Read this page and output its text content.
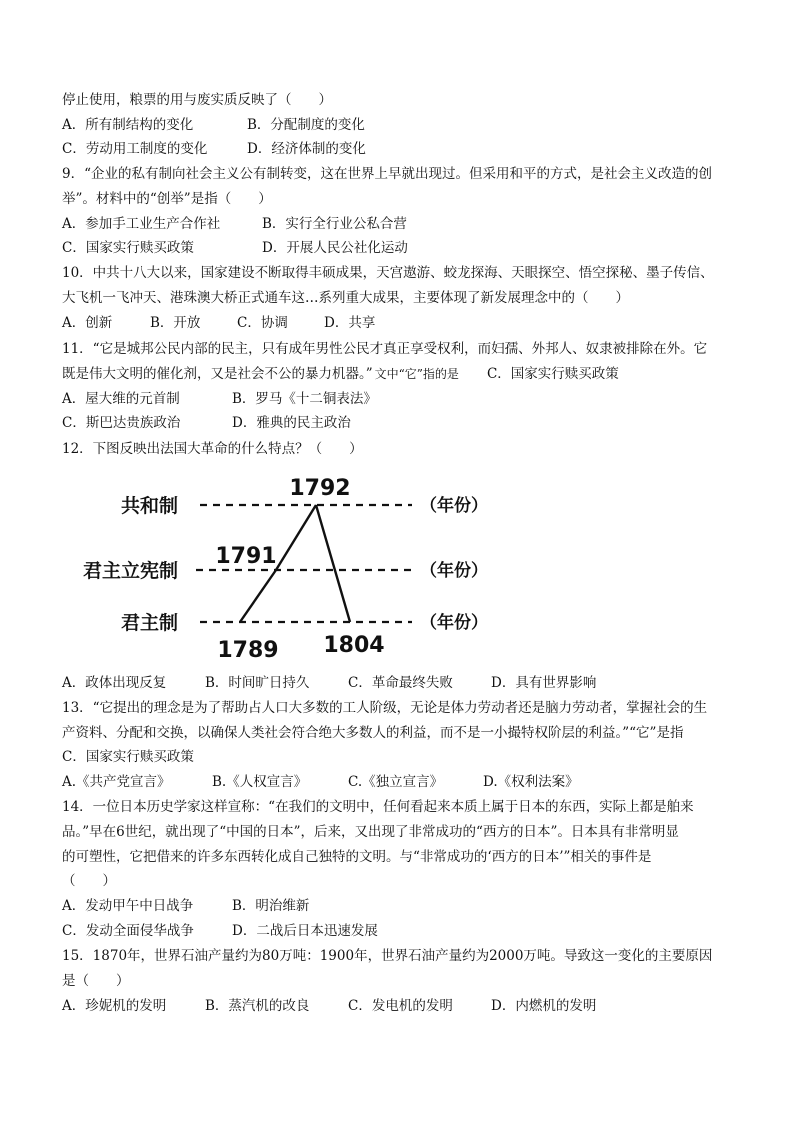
停止使用，粮票的用与废实质反映了（　　）
A．所有制结构的变化	B．分配制度的变化
C．劳动用工制度的变化	D．经济体制的变化
9．“企业的私有制向社会主义公有制转变，这在世界上早就出现过。但采用和平的方式，是社会主义改造的创
举”。材料中的“创举”是指（　　）
A．参加手工业生产合作社	B．实行全行业公私合营
C．国家实行赎买政策	D．开展人民公社化运动
10．中共十八大以来，国家建设不断取得丰硕成果，天宫遨游、蛟龙探海、天眼探空、悟空探秘、墨子传信、
大飞机一飞冲天、港珠澳大桥正式通车这…系列重大成果，主要体现了新发展理念中的（　　）
A．创新	B．开放	C．协调	D．共享
11．“它是城邦公民内部的民主，只有成年男性公民才真正享受权利，而妇孺、外邦人、奴隶被排除在外。它
既是伟大文明的催化剂，又是社会不公的暴力机器。” 文中“它”指的是 C．国家实行赎买政策
A．屋大维的元首制	B．罗马《十二铜表法》
C．斯巴达贵族政治	D．雅典的民主政治
12．下图反映出法国大革命的什么特点？（　　）
共和制	（年份）
君主立宪制	（年份）
君主制	（年份）
1789
1791
1792
1804
A．政体出现反复	B．时间旷日持久	C．革命最终失败	D．具有世界影响
13．“它提出的理念是为了帮助占人口大多数的工人阶级，无论是体力劳动者还是脑力劳动者，掌握社会的生
产资料、分配和交换，以确保人类社会符合绝大多数人的利益，而不是一小撮特权阶层的利益。”“它”是指
C．国家实行赎买政策
A.《共产党宣言》	B.《人权宣言》	C.《独立宣言》	D.《权利法案》
14．一位日本历史学家这样宣称：“在我们的文明中，任何看起来本质上属于日本的东西，实际上都是舶来
品。”早在6世纪，就出现了“中国的日本”，后来，又出现了非常成功的“西方的日本”。日本具有非常明显
的可塑性，它把借来的许多东西转化成自己独特的文明。与“非常成功的‘西方的日本’”相关的事件是
（　　）
A．发动甲午中日战争	B．明治维新
C．发动全面侵华战争	D．二战后日本迅速发展
15．1870年，世界石油产量约为80万吨：1900年，世界石油产量约为2000万吨。导致这一变化的主要原因
是（　　）
A．珍妮机的发明	B．蒸汽机的改良	C．发电机的发明	D．内燃机的发明
